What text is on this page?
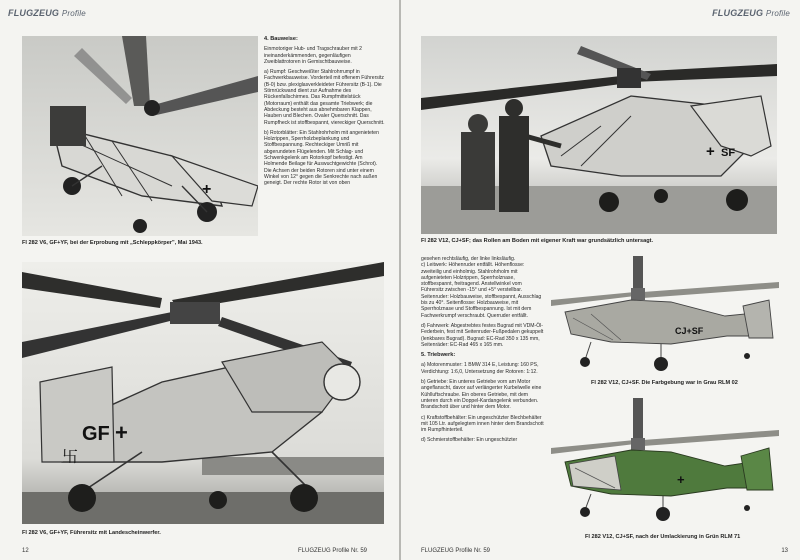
FLUGZEUG Profile
+
Fl 282 V6, GF+YF, bei der Erprobung mit „Schleppkörper", Mai 1943.
4. Bauweise:

Einmotoriger Hub- und Tragschrauber mit 2 ineinanderkämmenden, gegenläufigen Zweiblattrotoren in Gemischtbauweise.

a) Rumpf: Geschweißter Stahlrohrrumpf in Fachwerkbauweise. Vorderteil mit offenem Führersitz (B-0) bzw. plexiglasverkleideter Führersitz (B-1). Die Stirnrückwand dient zur Aufnahme des Rückenfallschirmes. Das Rumpfmittelstück (Motorraum) enthält das gesamte Triebwerk; die Abdeckung besteht aus abnehmbaren Klappen, Hauben und Blechen. Ovaler Querschnitt. Das Rumpfheck ist stoffbespannt, viereckiger Querschnitt.

b) Rotorblätter: Ein Stahlrohrholm mit angenieteten Holzrippen, Sperrholzbeplankung und Stoffbespannung. Rechteckiger Umriß mit abgerundeten Flügelenden. Mit Schlag- und Schwenkgelenk am Rotorkopf befestigt. Am Holmende Beilage für Auswuchtgewichte (Schrot). Die Achsen der beiden Rotoren sind unter einem Winkel von 12° gegen die Senkrechte nach außen geneigt. Der rechte Rotor ist von oben

GF +
卐
Fl 282 V6, GF+YF, Führersitz mit Landescheinwerfer.
12	FLUGZEUG Profile Nr. 59
FLUGZEUG Profile
+ SF
Fl 282 V12, CJ+SF; das Rollen am Boden mit eigener Kraft war grundsätzlich untersagt.

gesehen rechtsläufig, der linke linksläufig.

c) Leitwerk: Höhenruder entfällt. Höhenflosse: zweiteilig und einholmig. Stahlrohrholm mit aufgenieteten Holzrippen, Sperrholznase, stoffbespannt, freitragend. Anstellwinkel vom Führersitz zwischen -15° und +5° verstellbar. Seitenruder: Holzbauweise, stoffbespannt, Ausschlag bis zu 40°. Seitenflosse: Holzbauweise, mit Sperrholznase und Stoffbespannung. Ist mit dem Fachwerkrumpf verschraubt. Querruder entfällt.

d) Fahrwerk: Abgestrebtes festes Bugrad mit VDM-Öl-Federbein, fest mit Seitenruder-Fußpedalen gekuppelt (lenkbares Bugrad). Bugrad: EC-Rad 350 x 135 mm, Seitenräder: EC-Rad 465 x 165 mm.

5. Triebwerk:

a) Motorenmuster: 1 BMW 314 E, Leistung: 160 PS, Verdichtung: 1:6,0, Untersetzung der Rotoren: 1:12.

b) Getriebe: Ein unteres Getriebe vorn am Motor angeflanscht, davor auf verlängerter Kurbelwelle eine Kühlluftschraube. Ein oberes Getriebe, mit dem unteren durch ein Doppel-Kardangelenk verbunden. Brandschott über und hinter dem Motor.

c) Kraftstoffbehälter: Ein ungeschützter Blechbehälter mit 105 Ltr. aufgelegtem innen hinter dem Brandschott im Rumpfhinterteil.

d) Schmierstoffbehälter: Ein ungeschützter

CJ+SF
Fl 282 V12, CJ+SF. Die Farbgebung war in Grau RLM 02
+
Fl 282 V12, CJ+SF, nach der Umlackierung in Grün RLM 71
FLUGZEUG Profile Nr. 59	13
